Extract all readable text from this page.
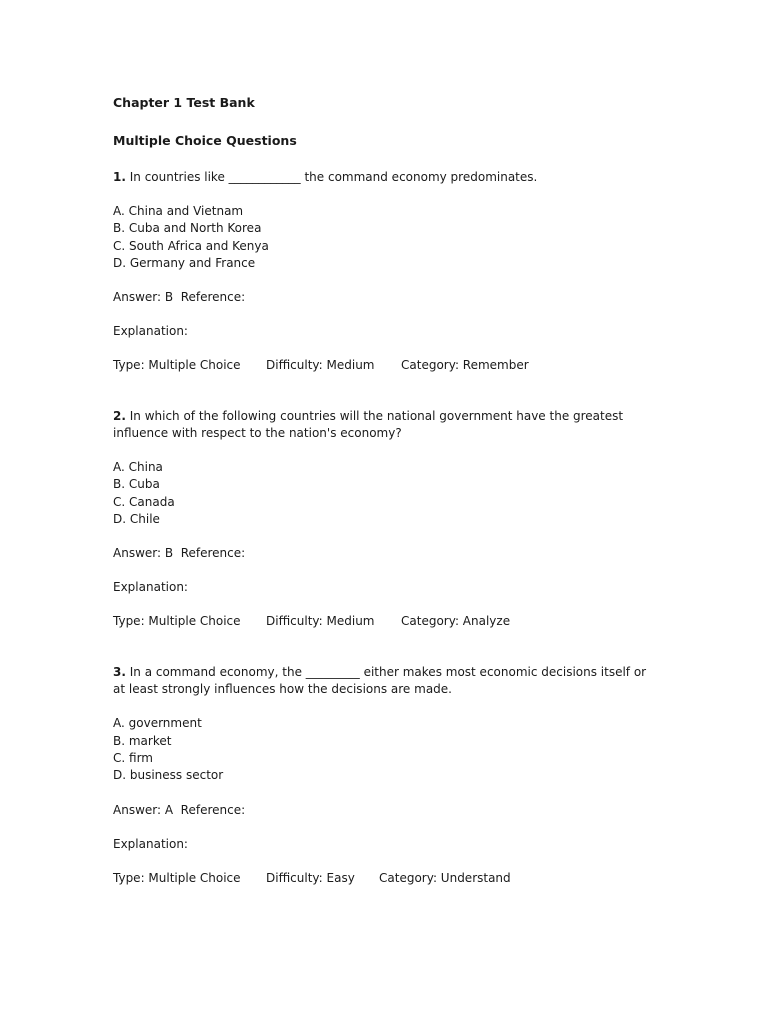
Chapter 1 Test Bank
Multiple Choice Questions

1. In countries like ____________ the command economy predominates.

A. China and Vietnam
B. Cuba and North Korea
C. South Africa and Kenya
D. Germany and France
Answer: B  Reference:
Explanation:
Type: Multiple Choice Difficulty: Medium Category: Remember

2. In which of the following countries will the national government have the greatest influence with respect to the nation's economy?

A. China
B. Cuba
C. Canada
D. Chile
Answer: B  Reference:
Explanation:
Type: Multiple Choice Difficulty: Medium Category: Analyze

3. In a command economy, the _________ either makes most economic decisions itself or at least strongly influences how the decisions are made.

A. government
B. market
C. firm
D. business sector
Answer: A  Reference:
Explanation:
Type: Multiple Choice Difficulty: Easy Category: Understand
